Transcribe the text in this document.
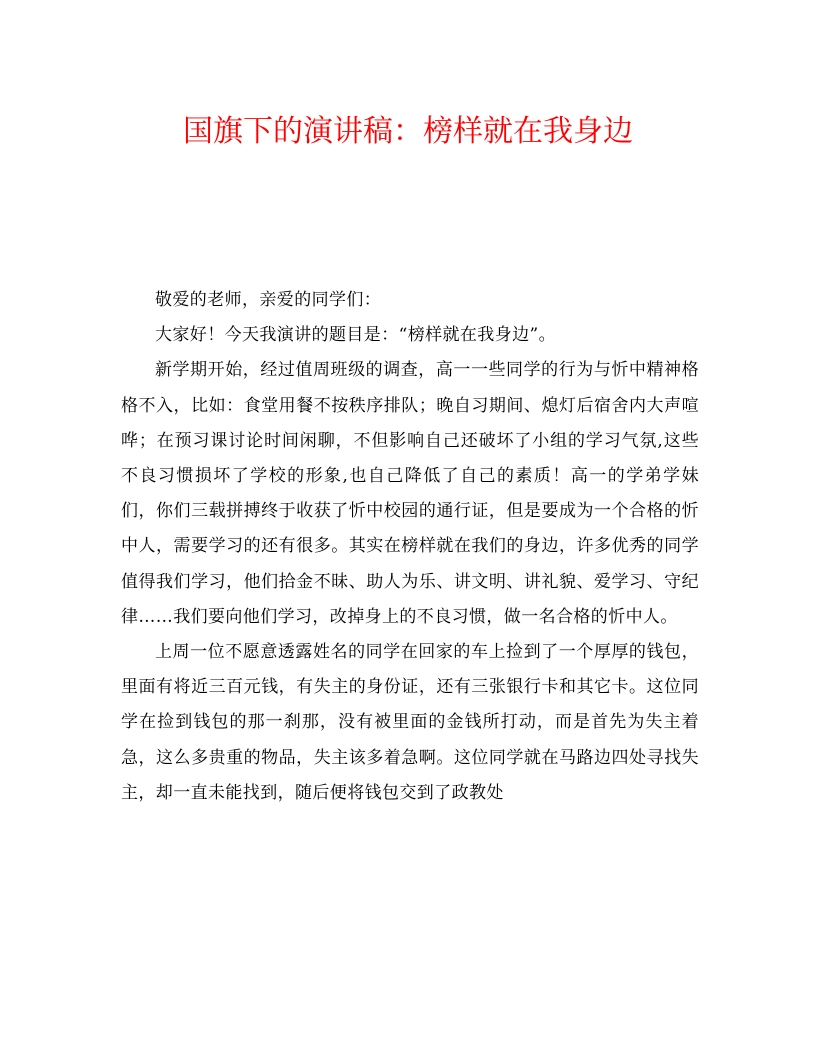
国旗下的演讲稿：榜样就在我身边

敬爱的老师，亲爱的同学们：

大家好！今天我演讲的题目是：“榜样就在我身边”。

新学期开始，经过值周班级的调查，高一一些同学的行为与忻中精神格格不入，比如：食堂用餐不按秩序排队；晚自习期间、熄灯后宿舍内大声喧哗；在预习课讨论时间闲聊，不但影响自己还破坏了小组的学习气氛,这些不良习惯损坏了学校的形象,也自己降低了自己的素质！高一的学弟学妹们，你们三载拼搏终于收获了忻中校园的通行证，但是要成为一个合格的忻中人，需要学习的还有很多。其实在榜样就在我们的身边，许多优秀的同学值得我们学习，他们拾金不昧、助人为乐、讲文明、讲礼貌、爱学习、守纪律……我们要向他们学习，改掉身上的不良习惯，做一名合格的忻中人。

上周一位不愿意透露姓名的同学在回家的车上捡到了一个厚厚的钱包，里面有将近三百元钱，有失主的身份证，还有三张银行卡和其它卡。这位同学在捡到钱包的那一刹那，没有被里面的金钱所打动，而是首先为失主着急，这么多贵重的物品，失主该多着急啊。这位同学就在马路边四处寻找失主，却一直未能找到，随后便将钱包交到了政教处
